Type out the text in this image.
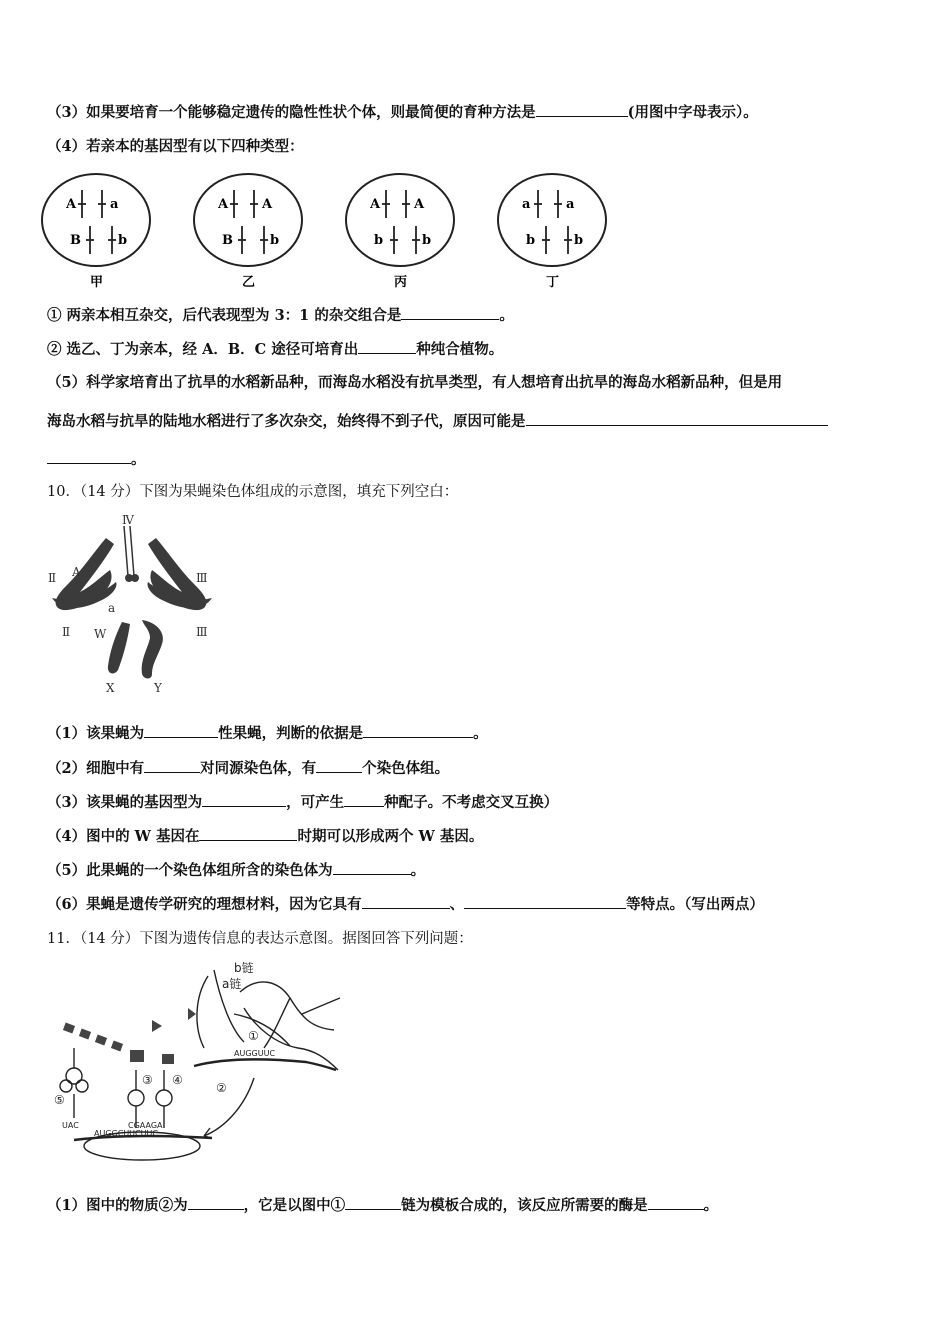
（3）如果要培育一个能够稳定遗传的隐性性状个体，则最简便的育种方法是	(用图中字母表示）。
（4）若亲本的基因型有以下四种类型：
A	a
B	b
甲
A	A
B	b
乙
A	A
b	b
丙
a	a
b	b
丁
① 两亲本相互杂交，后代表现型为 3：1 的杂交组合是	。
② 选乙、丁为亲本，经 A．B．C 途径可培育出	种纯合植物。
（5）科学家培育出了抗旱的水稻新品种，而海岛水稻没有抗旱类型，有人想培育出抗旱的海岛水稻新品种，但是用
海岛水稻与抗旱的陆地水稻进行了多次杂交，始终得不到子代，原因可能是
。
10．（14 分）下图为果蝇染色体组成的示意图，填充下列空白：
Ⅳ
Ⅱ	Ⅲ
Ⅱ	Ⅲ
A
a
W
X	Y
（1）该果蝇为	性果蝇，判断的依据是	。
（2）细胞中有	对同源染色体，有	个染色体组。
（3）该果蝇的基因型为	，可产生	种配子。不考虑交叉互换）
（4）图中的 W 基因在	时期可以形成两个 W 基因。
（5）此果蝇的一个染色体组所含的染色体为	。
（6）果蝇是遗传学研究的理想材料，因为它具有	、	等特点。（写出两点）
11．（14 分）下图为遗传信息的表达示意图。据图回答下列问题：
b链
a链
①
②
③ ④
⑤
UAC	CGAAGA
AUGGUUC
AUGGCUUCUUC
（1）图中的物质②为	，它是以图中①	链为模板合成的，该反应所需要的酶是	。
